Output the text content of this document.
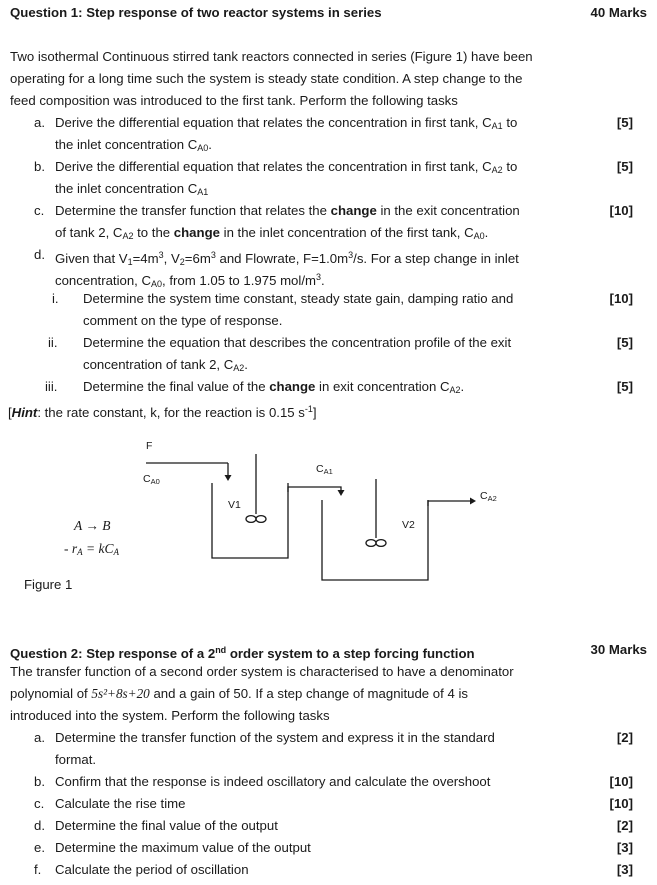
Question 1: Step response of two reactor systems in series	40 Marks
Two isothermal Continuous stirred tank reactors connected in series (Figure 1) have been
operating for a long time such the system is steady state condition. A step change to the
feed composition was introduced to the first tank. Perform the following tasks
a. Derive the differential equation that relates the concentration in first tank, $C_{A1}$ to
the inlet concentration $C_{A0}$.
[5]
b. Derive the differential equation that relates the concentration in first tank, $C_{A2}$ to
the inlet concentration $C_{A1}$
[5]
c. Determine the transfer function that relates the change in the exit concentration
of tank 2, $C_{A2}$ to the change in the inlet concentration of the first tank, $C_{A0}$.
[10]
d. Given that $V_1=4m^3$, $V_2=6m^3$ and Flowrate, $F=1.0m^3/s$. For a step change in inlet
concentration, $C_{A0}$, from 1.05 to 1.975 mol/$m^3$.
i. Determine the system time constant, steady state gain, damping ratio and
comment on the type of response.
[10]
ii. Determine the equation that describes the concentration profile of the exit
concentration of tank 2, $C_{A2}$.
[5]
iii. Determine the final value of the change in exit concentration $C_{A2}$.	[5]
[Hint: the rate constant, k, for the reaction is 0.15 $s^{-1}$]
F
CA0
CA1
CA2
V1
V2
A → B
- $r_A = kC_A$
Figure 1
Question 2: Step response of a 2nd order system to a step forcing function	30 Marks
The transfer function of a second order system is characterised to have a denominator
polynomial of 5s²+8s+20 and a gain of 50. If a step change of magnitude of 4 is
introduced into the system. Perform the following tasks
a. Determine the transfer function of the system and express it in the standard
format.
[2]
b. Confirm that the response is indeed oscillatory and calculate the overshoot	[10]
c. Calculate the rise time	[10]
d. Determine the final value of the output	[2]
e. Determine the maximum value of the output	[3]
f. Calculate the period of oscillation	[3]
